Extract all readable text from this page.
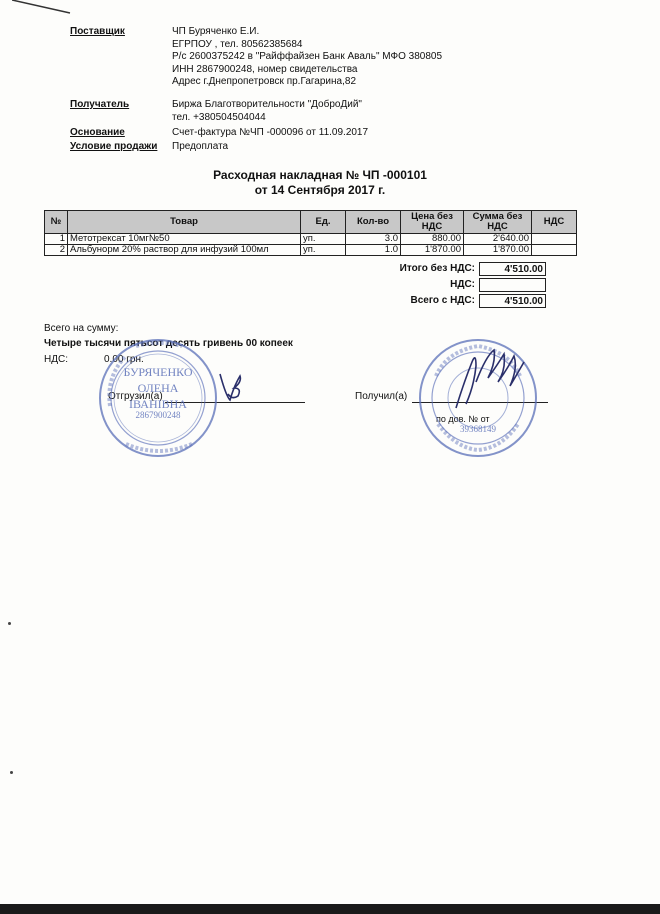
Поставщик	ЧП Буряченко Е.И.
ЕГРПОУ , тел. 80562385684
Р/с 2600375242 в "Райффайзен Банк Аваль" МФО 380805
ИНН 2867900248, номер свидетельства
Адрес г.Днепропетровск пр.Гагарина,82
Получатель	Биржа Благотворительности "ДоброДий"
тел. +380504504044
Основание	Счет-фактура №ЧП -000096 от 11.09.2017
Условие продажи Предоплата
Расходная накладная № ЧП -000101
от 14 Сентября 2017 г.
№	Товар	Ед.	Кол-во	Цена без НДС	Сумма без НДС	НДС
1	Метотрексат 10мг№50	уп.	3.0	880.00	2'640.00	
2	Альбунорм 20% раствор для инфузий 100мл	уп.	1.0	1'870.00	1'870.00	
Итого без НДС:	4'510.00
НДС:
Всего с НДС:	4'510.00
Всего на сумму:
Четыре тысячи пятьсот десять гривень 00 копеек
НДС:	0.00 грн.
Отгрузил(а)	Получил(а)
по дов. № от
БУРЯЧЕНКО
ОЛЕНА
ІВАНІВНА
2867900248
39368149
